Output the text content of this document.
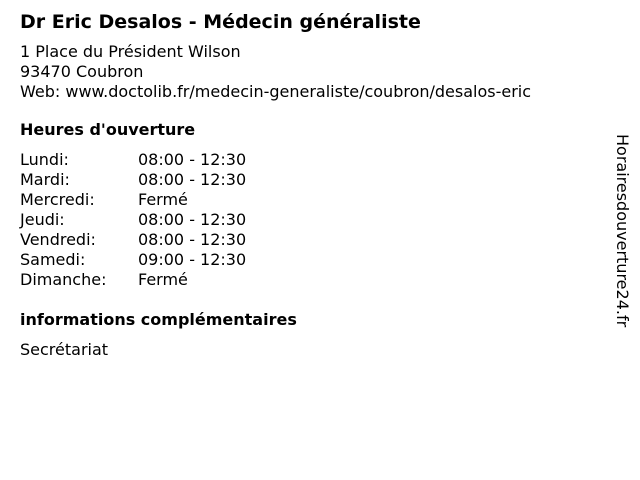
Dr Eric Desalos - Médecin généraliste
1 Place du Président Wilson
93470 Coubron
Web: www.doctolib.fr/medecin-generaliste/coubron/desalos-eric
Heures d'ouverture
Lundi:	08:00 - 12:30
Mardi:	08:00 - 12:30
Mercredi:	Fermé
Jeudi:	08:00 - 12:30
Vendredi:	08:00 - 12:30
Samedi:	09:00 - 12:30
Dimanche:	Fermé
informations complémentaires
Secrétariat
Horairesdouverture24.fr
